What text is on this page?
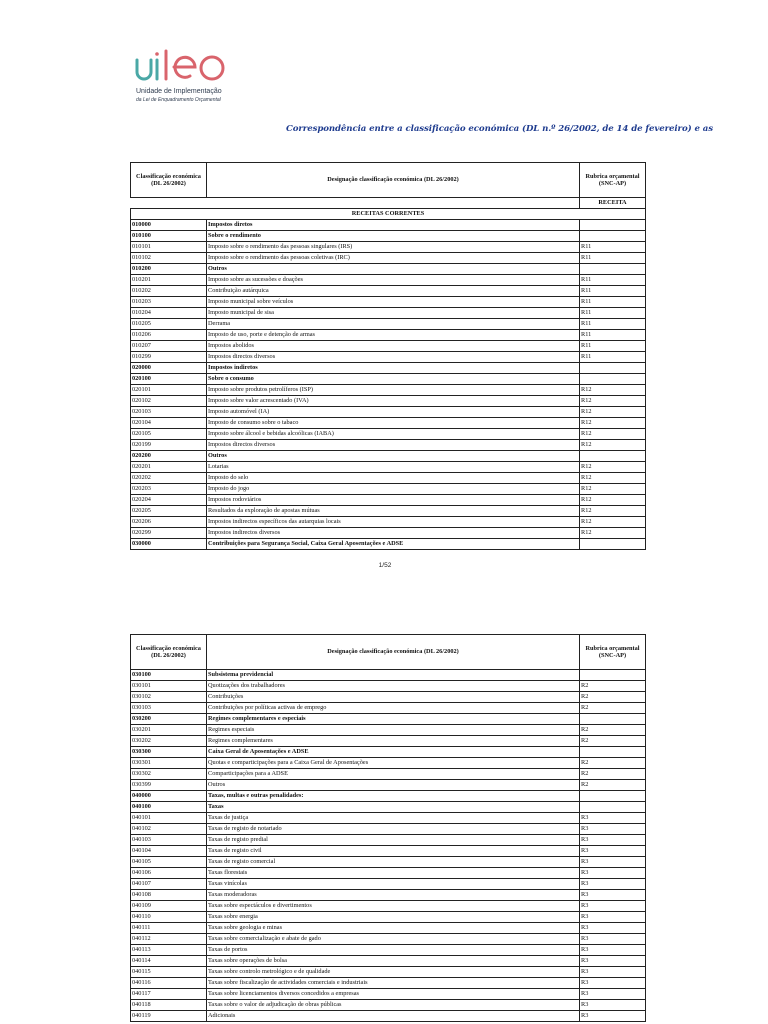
Unidade de Implementação
da Lei de Enquadramento Orçamental
Correspondência entre a classificação económica (DL n.º 26/2002, de 14 de fevereiro) e as
Classificação económica (DL 26/2002)	Designação classificação económica (DL 26/2002)	Rubrica orçamental (SNC-AP)
		RECEITA
RECEITAS CORRENTES		
010000	Impostos diretos	
010100	Sobre o rendimento	
010101	Imposto sobre o rendimento das pessoas singulares (IRS)	R11
010102	Imposto sobre o rendimento das pessoas coletivas (IRC)	R11
010200	Outros	
010201	Imposto sobre as sucessões e doações	R11
010202	Contribuição autárquica	R11
010203	Imposto municipal sobre veículos	R11
010204	Imposto municipal de sisa	R11
010205	Derrama	R11
010206	Imposto de uso, porte e detenção de armas	R11
010207	Impostos abolidos	R11
010299	Impostos directos diversos	R11
020000	Impostos indiretos	
020100	Sobre o consumo	
020101	Imposto sobre produtos petrolíferos (ISP)	R12
020102	Imposto sobre valor acrescentado (IVA)	R12
020103	Imposto automóvel (IA)	R12
020104	Imposto de consumo sobre o tabaco	R12
020105	Imposto sobre álcool e bebidas alcoólicas (IABA)	R12
020199	Impostos directos diversos	R12
020200	Outros	
020201	Lotarias	R12
020202	Imposto do selo	R12
020203	Imposto do jogo	R12
020204	Impostos rodoviários	R12
020205	Resultados da exploração de apostas mútuas	R12
020206	Impostos indirectos específicos das autarquias locais	R12
020299	Impostos indirectos diversos	R12
030000	Contribuições para Segurança Social, Caixa Geral Aposentações e ADSE	
1/52
Classificação económica (DL 26/2002)	Designação classificação económica (DL 26/2002)	Rubrica orçamental (SNC-AP)
030100	Subsistema previdencial	
030101	Quotizações dos trabalhadores	R2
030102	Contribuições	R2
030103	Contribuições por políticas activas de emprego	R2
030200	Regimes complementares e especiais	
030201	Regimes especiais	R2
030202	Regimes complementares	R2
030300	Caixa Geral de Aposentações e ADSE	
030301	Quotas e comparticipações para a Caixa Geral de Aposentações	R2
030302	Comparticipações para a ADSE	R2
030399	Outros	R2
040000	Taxas, multas e outras penalidades:	
040100	Taxas	
040101	Taxas de justiça	R3
040102	Taxas de registo de notariado	R3
040103	Taxas de registo predial	R3
040104	Taxas de registo civil	R3
040105	Taxas de registo comercial	R3
040106	Taxas florestais	R3
040107	Taxas vinícolas	R3
040108	Taxas moderadoras	R3
040109	Taxas sobre espectáculos e divertimentos	R3
040110	Taxas sobre energia	R3
040111	Taxas sobre geologia e minas	R3
040112	Taxas sobre comercialização e abate de gado	R3
040113	Taxas de portos	R3
040114	Taxas sobre operações de bolsa	R3
040115	Taxas sobre controlo metrológico e de qualidade	R3
040116	Taxas sobre fiscalização de actividades comerciais e industriais	R3
040117	Taxas sobre licenciamentos diversos concedidos a empresas	R3
040118	Taxas sobre o valor de adjudicação de obras públicas	R3
040119	Adicionais	R3
